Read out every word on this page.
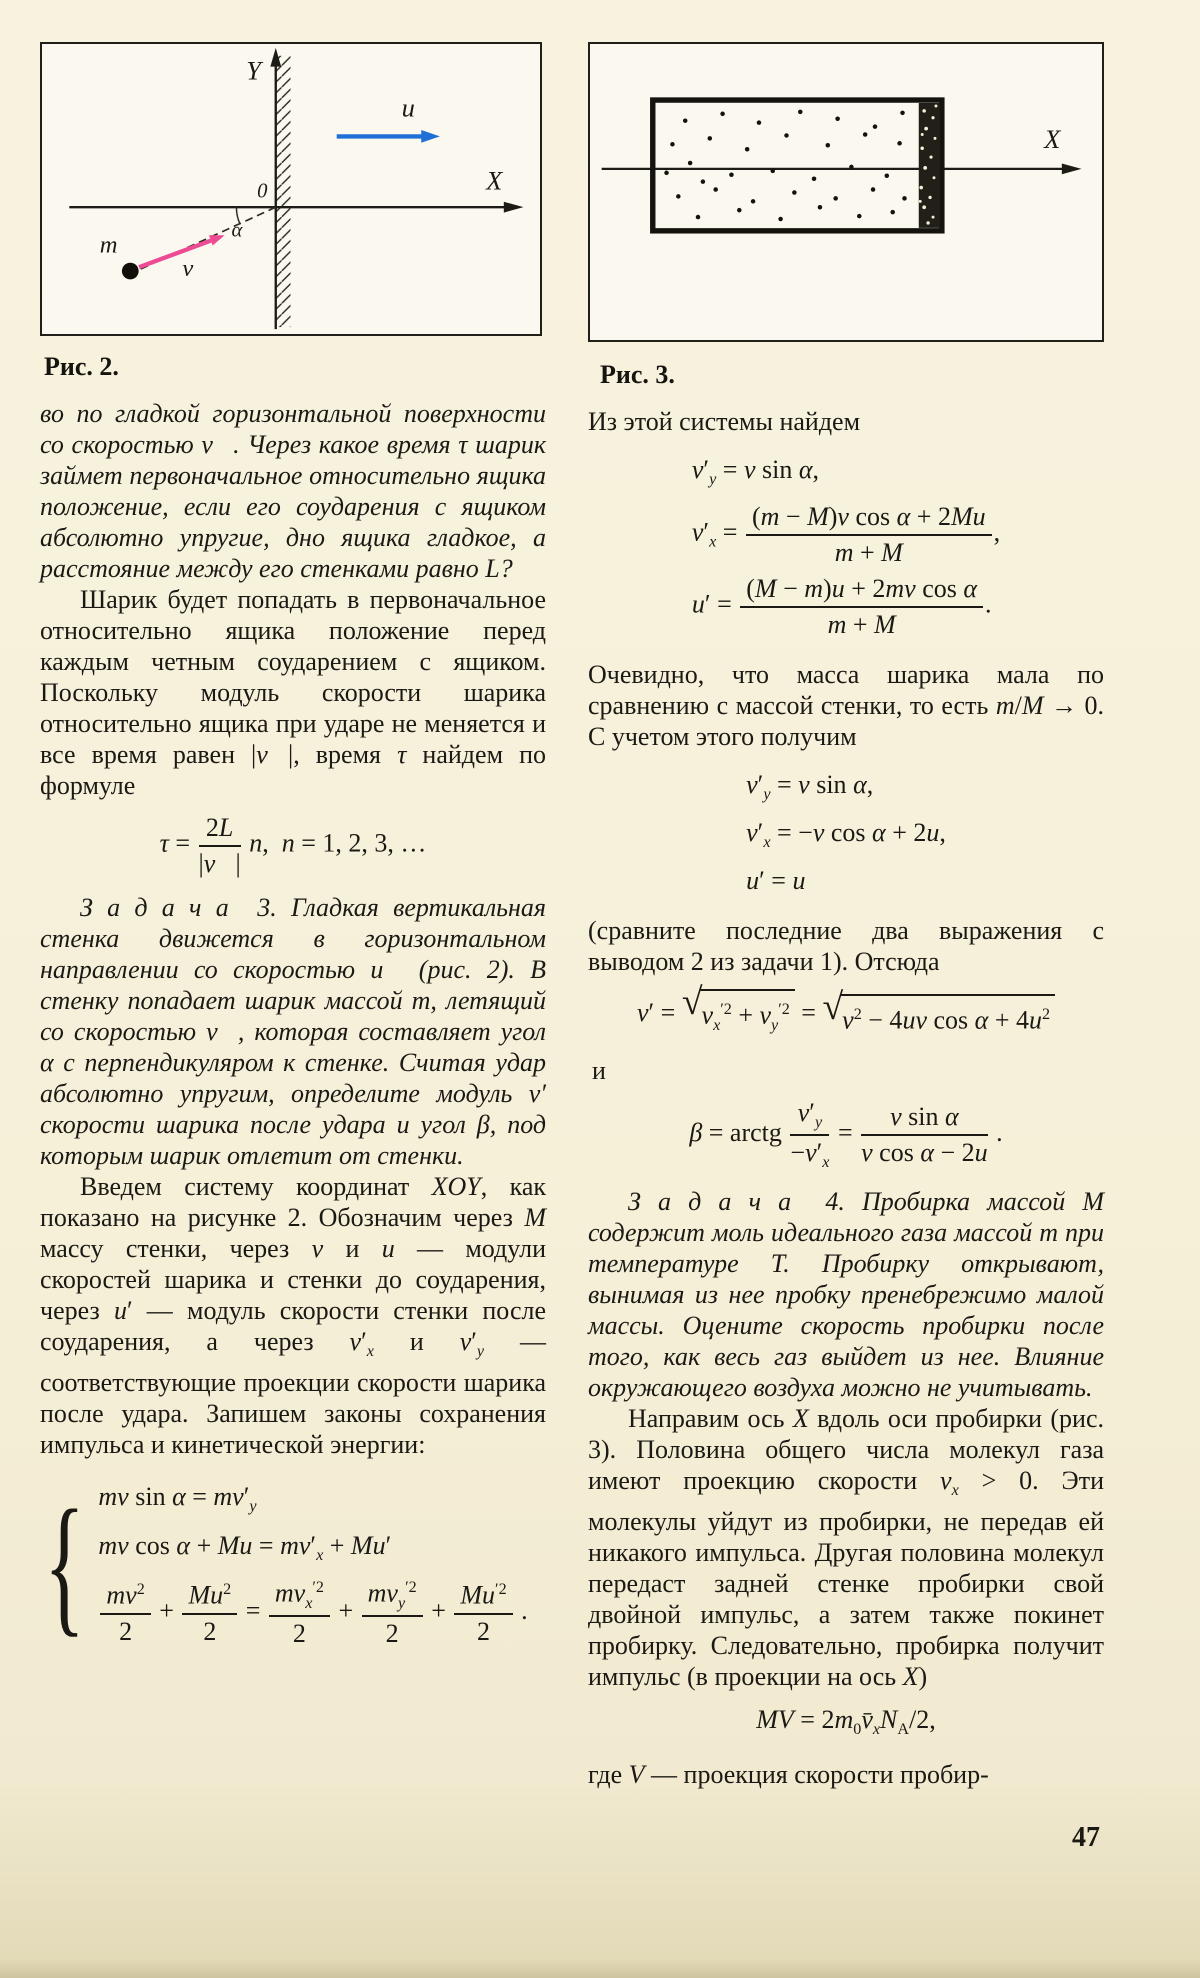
Y
X
0
α
u⃗
m
v⃗
Рис. 2.
X
Рис. 3.

во по гладкой горизонтальной поверхности со скоростью v⃗. Через какое время τ шарик займет первоначальное относительно ящика положение, если его соударения с ящиком абсолютно упругие, дно ящика гладкое, а расстояние между его стенками равно L?

Шарик будет попадать в первоначальное относительно ящика положение перед каждым четным соударением с ящиком. Поскольку модуль скорости шарика относительно ящика при ударе не меняется и все время равен |v⃗|, время τ найдем по формуле

$\tau = \frac{2L}{|v⃗|} n$, n = 1, 2, 3, …

З а д а ч а  3. Гладкая вертикальная стенка движется в горизонтальном направлении со скоростью u⃗ (рис. 2). В стенку попадает шарик массой m, летящий со скоростью v⃗, которая составляет угол α с перпендикуляром к стенке. Считая удар абсолютно упругим, определите модуль v′ скорости шарика после удара и угол β, под которым шарик отлетит от стенки.

Введем систему координат XOY, как показано на рисунке 2. Обозначим через M массу стенки, через v и u — модули скоростей шарика и стенки до соударения, через u′ — модуль скорости стенки после соударения, а через $v'_x$ и $v'_y$ — соответствующие проекции скорости шарика после удара. Запишем законы сохранения импульса и кинетической энергии:

{ mv $\sin \alpha = mv'_y$
mv $\cos \alpha + Mu = mv'_x + Mu'$
$\frac{mv^2}{2} + \frac{Mu^2}{2} = \frac{mv_x^{'2}}{2} + \frac{mv_y^{'2}}{2} + \frac{Mu^{'2}}{2}$ .

Из этой системы найдем

$v'_y = v$ sin α,
$v'_x = \frac{\text{(m − M)v cos α + 2Mu}}{m + M}$ ,
$u' = \frac{\text{(M − m)u + 2mv cos α}}{m + M}$ .

Очевидно, что масса шарика мала по сравнению с массой стенки, то есть m/M → 0. С учетом этого получим

$v'_y = v$ sin α,
$v'_x = -v$ cos α + 2u,
u′ = u

(сравните последние два выражения с выводом 2 из задачи 1). Отсюда

v′ = √ $v_x^{'2} + v_y^{'2}$ = √ $v^2 - 4uv$ $\cos \alpha + 4u^2$

и

β = arctg $\frac{v'_y}{-v'_x} = \frac{\text{v sin α}}{\text{v cos α − 2u}}$ .

З а д а ч а  4. Пробирка массой M содержит моль идеального газа массой m при температуре T. Пробирку открывают, вынимая из нее пробку пренебрежимо малой массы. Оцените скорость пробирки после того, как весь газ выйдет из нее. Влияние окружающего воздуха можно не учитывать.

Направим ось X вдоль оси пробирки (рис. 3). Половина общего числа молекул газа имеют проекцию скорости $v_x > 0$. Эти молекулы уйдут из пробирки, не передав ей никакого импульса. Другая половина молекул передаст задней стенке пробирки свой двойной импульс, а затем также покинет пробирку. Следовательно, пробирка получит импульс (в проекции на ось X)

MV = $2m_0v̄_xN_A/2$,

где V — проекция скорости пробир-

47
